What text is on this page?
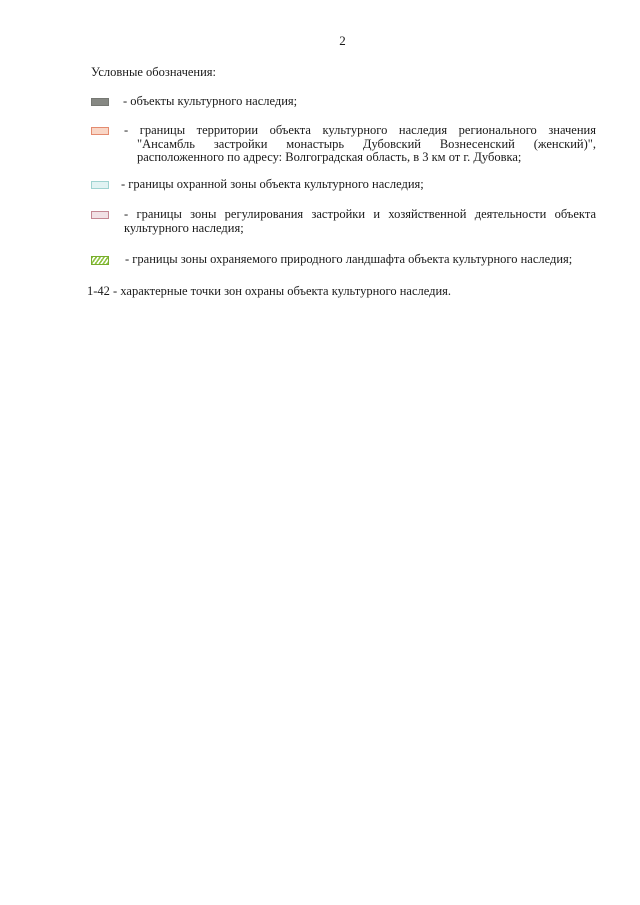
2
Условные обозначения:
- объекты культурного наследия;
- границы территории объекта культурного наследия регионального значения
"Ансамбль застройки монастырь Дубовский Вознесенский (женский)",
расположенного по адресу: Волгоградская область, в 3 км от г. Дубовка;
- границы охранной зоны объекта культурного наследия;
- границы зоны регулирования застройки и хозяйственной деятельности объекта
культурного наследия;
- границы зоны охраняемого природного ландшафта объекта культурного наследия;
1-42 - характерные точки зон охраны объекта культурного наследия.
